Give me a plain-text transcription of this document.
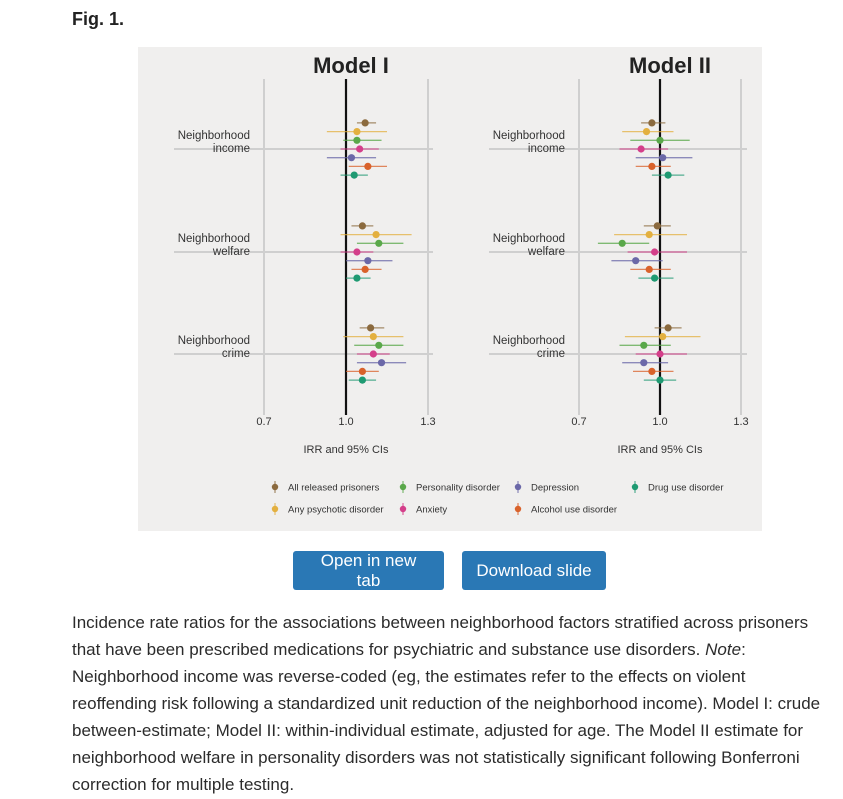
Fig. 1.
Model I
0.7	1.0	1.3
Neighborhood income
Neighborhood welfare
Neighborhood crime
IRR and 95% CIs
Model II
0.7	1.0	1.3
Neighborhood income
Neighborhood welfare
Neighborhood crime
IRR and 95% CIs
All released prisoners	Personality disorder	Depression	Drug use disorder
Any psychotic disorder	Anxiety	Alcohol use disorder
Open in new tab
Download slide
Incidence rate ratios for the associations between neighborhood factors stratified across prisoners that have been prescribed medications for psychiatric and substance use disorders. Note: Neighborhood income was reverse-coded (eg, the estimates refer to the effects on violent reoffending risk following a standardized unit reduction of the neighborhood income). Model I: crude between-estimate; Model II: within-individual estimate, adjusted for age. The Model II estimate for neighborhood welfare in personality disorders was not statistically significant following Bonferroni correction for multiple testing.
